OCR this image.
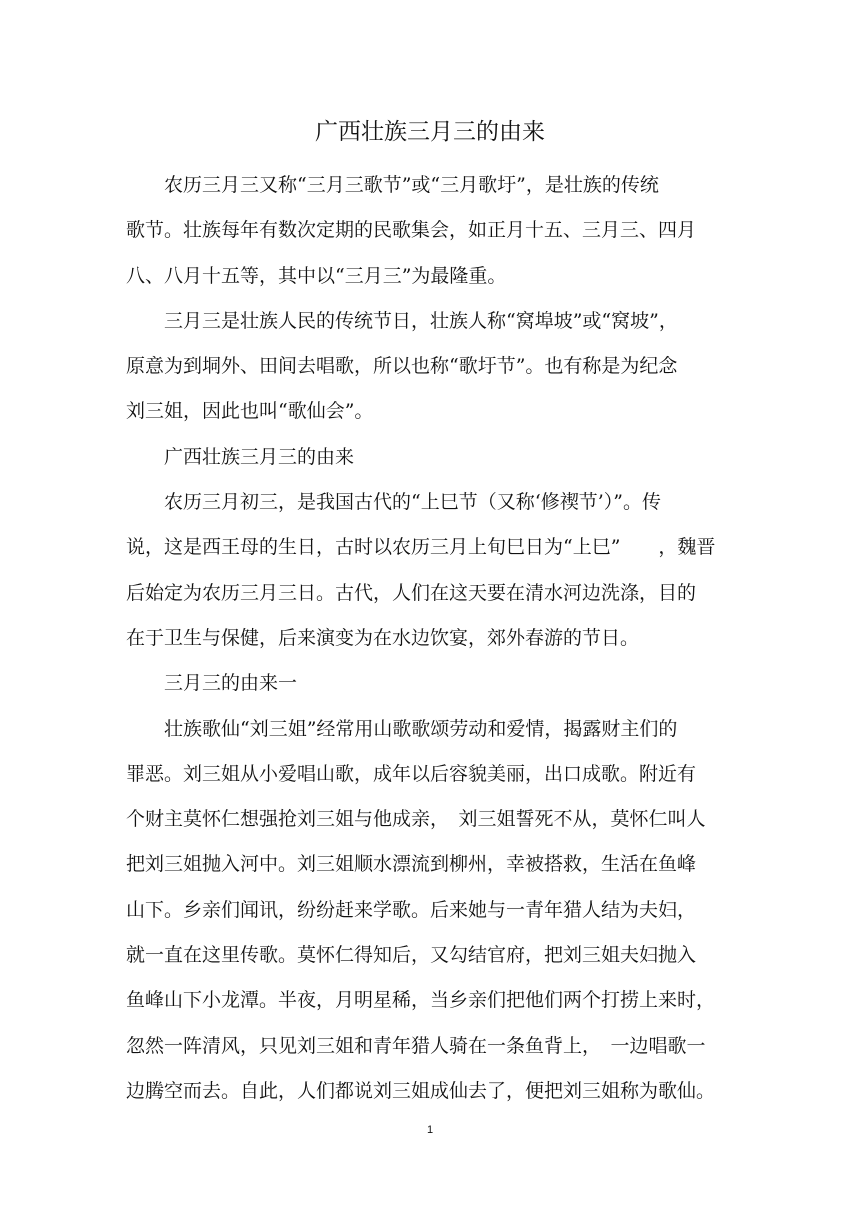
广西壮族三月三的由来

农历三月三又称“三月三歌节”或“三月歌圩”，是壮族的传统
歌节。壮族每年有数次定期的民歌集会，如正月十五、三月三、四月
八、八月十五等，其中以“三月三”为最隆重。

三月三是壮族人民的传统节日，壮族人称“窝埠坡”或“窝坡”，
原意为到垌外、田间去唱歌，所以也称“歌圩节”。也有称是为纪念
刘三姐，因此也叫“歌仙会”。

广西壮族三月三的由来

农历三月初三，是我国古代的“上巳节（又称‘修禊节’）”。传
说，这是西王母的生日，古时以农历三月上旬巳日为“上巳”　　，魏晋
后始定为农历三月三日。古代，人们在这天要在清水河边洗涤，目的
在于卫生与保健，后来演变为在水边饮宴，郊外春游的节日。

三月三的由来一

壮族歌仙“刘三姐”经常用山歌歌颂劳动和爱情，揭露财主们的
罪恶。刘三姐从小爱唱山歌，成年以后容貌美丽，出口成歌。附近有
个财主莫怀仁想强抢刘三姐与他成亲，　刘三姐誓死不从，莫怀仁叫人
把刘三姐抛入河中。刘三姐顺水漂流到柳州，幸被搭救，生活在鱼峰
山下。乡亲们闻讯，纷纷赶来学歌。后来她与一青年猎人结为夫妇，
就一直在这里传歌。莫怀仁得知后，又勾结官府，把刘三姐夫妇抛入
鱼峰山下小龙潭。半夜，月明星稀，当乡亲们把他们两个打捞上来时，
忽然一阵清风，只见刘三姐和青年猎人骑在一条鱼背上，　一边唱歌一
边腾空而去。自此，人们都说刘三姐成仙去了，便把刘三姐称为歌仙。

1
